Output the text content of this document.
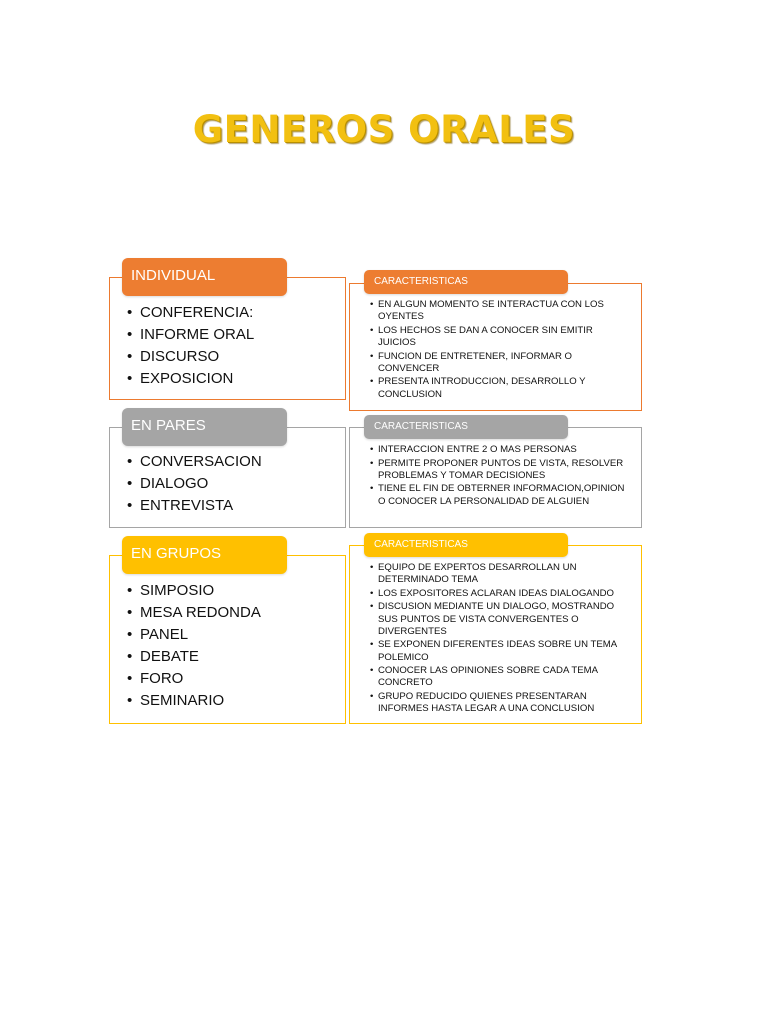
GENEROS ORALES
INDIVIDUAL
• CONFERENCIA:
• INFORME ORAL
• DISCURSO
• EXPOSICION
CARACTERISTICAS
• EN ALGUN MOMENTO SE INTERACTUA CON LOS OYENTES
• LOS HECHOS SE DAN A CONOCER SIN EMITIR JUICIOS
• FUNCION DE ENTRETENER, INFORMAR O CONVENCER
• PRESENTA INTRODUCCION, DESARROLLO Y CONCLUSION
EN PARES
• CONVERSACION
• DIALOGO
• ENTREVISTA
CARACTERISTICAS
• INTERACCION ENTRE 2 O MAS PERSONAS
• PERMITE PROPONER PUNTOS DE VISTA, RESOLVER PROBLEMAS Y TOMAR DECISIONES
• TIENE EL FIN DE OBTERNER INFORMACION,OPINION O CONOCER LA PERSONALIDAD DE ALGUIEN
EN GRUPOS
• SIMPOSIO
• MESA REDONDA
• PANEL
• DEBATE
• FORO
• SEMINARIO
CARACTERISTICAS
• EQUIPO DE EXPERTOS DESARROLLAN UN DETERMINADO TEMA
• LOS EXPOSITORES ACLARAN IDEAS DIALOGANDO
• DISCUSION MEDIANTE UN DIALOGO, MOSTRANDO SUS PUNTOS DE VISTA CONVERGENTES O DIVERGENTES
• SE EXPONEN DIFERENTES IDEAS SOBRE UN TEMA POLEMICO
• CONOCER LAS OPINIONES SOBRE CADA TEMA CONCRETO
• GRUPO REDUCIDO QUIENES PRESENTARAN INFORMES HASTA LEGAR A UNA CONCLUSION
